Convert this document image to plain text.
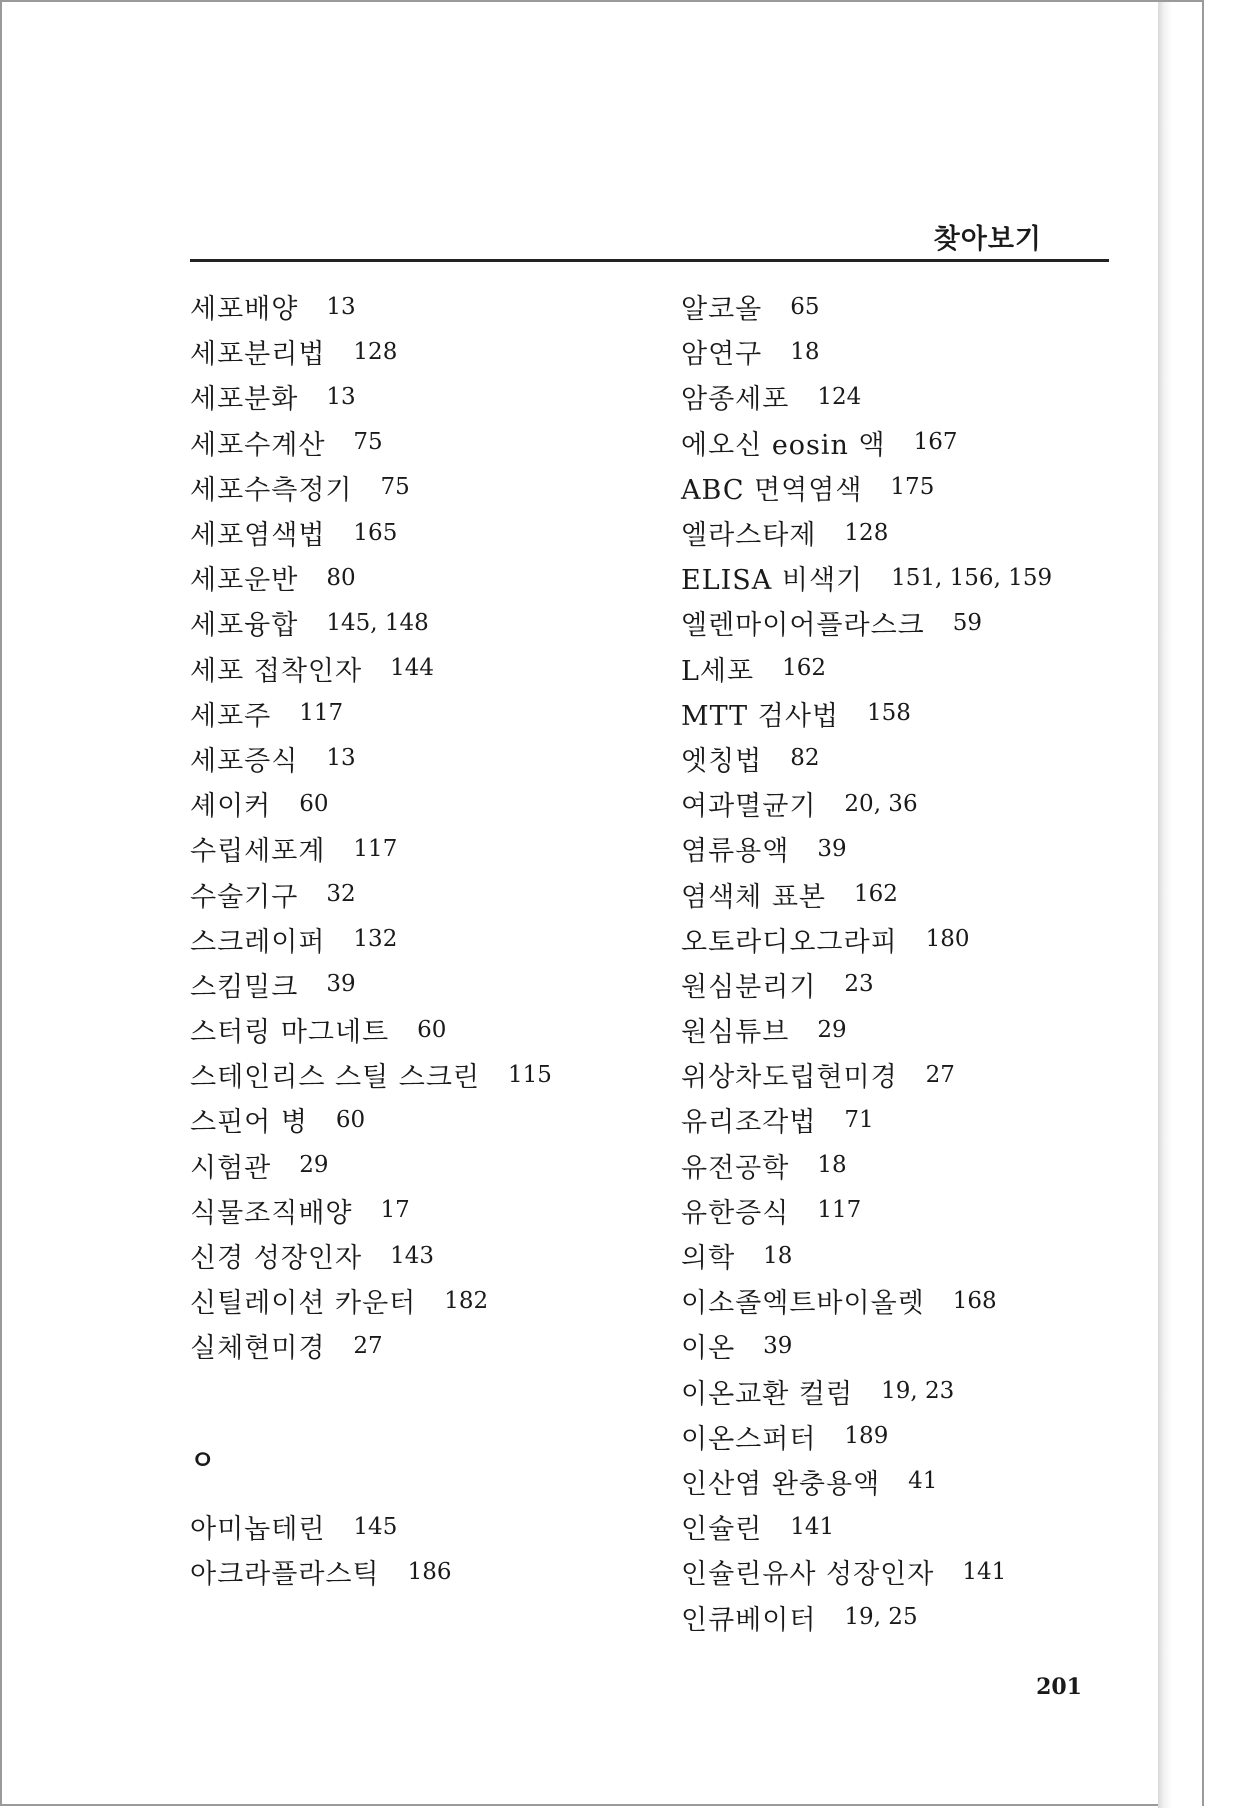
찾아보기
세포배양 13
세포분리법 128
세포분화 13
세포수계산 75
세포수측정기 75
세포염색법 165
세포운반 80
세포융합 145, 148
세포 접착인자 144
세포주 117
세포증식 13
셰이커 60
수립세포계 117
수술기구 32
스크레이퍼 132
스킴밀크 39
스터링 마그네트 60
스테인리스 스틸 스크린 115
스핀어 병 60
시험관 29
식물조직배양 17
신경 성장인자 143
신틸레이션 카운터 182
실체현미경 27
ㅇ
아미놉테린 145
아크라플라스틱 186
알코올 65
암연구 18
암종세포 124
에오신 eosin 액 167
ABC 면역염색 175
엘라스타제 128
ELISA 비색기 151, 156, 159
엘렌마이어플라스크 59
L세포 162
MTT 검사법 158
엣칭법 82
여과멸균기 20, 36
염류용액 39
염색체 표본 162
오토라디오그라피 180
원심분리기 23
원심튜브 29
위상차도립현미경 27
유리조각법 71
유전공학 18
유한증식 117
의학 18
이소졸엑트바이올렛 168
이온 39
이온교환 컬럼 19, 23
이온스퍼터 189
인산염 완충용액 41
인슐린 141
인슐린유사 성장인자 141
인큐베이터 19, 25
201
